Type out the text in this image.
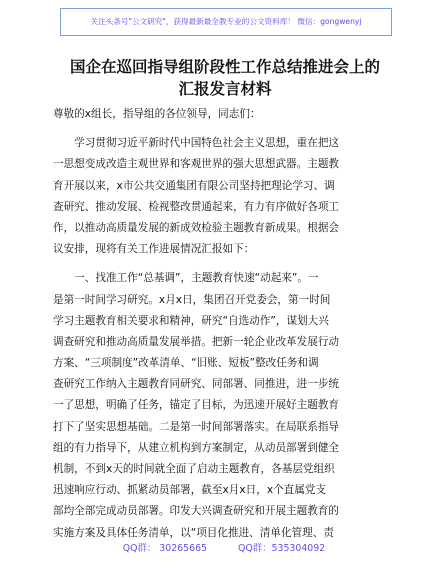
关注头条号"公文研究"，获得最新最全教专业的公文资料库！ 微信：gongwenyj
国企在巡回指导组阶段性工作总结推进会上的
汇报发言材料
尊敬的x组长，指导组的各位领导，同志们：
　　学习贯彻习近平新时代中国特色社会主义思想，重在把这
一思想变成改造主观世界和客观世界的强大思想武器。主题教
育开展以来，x市公共交通集团有限公司坚持把理论学习、调
查研究、推动发展、检视整改贯通起来，有力有序做好各项工
作，以推动高质量发展的新成效检验主题教育新成果。根据会
议安排，现将有关工作进展情况汇报如下：
　　一、找准工作“总基调”，主题教育快速“动起来”。一
是第一时间学习研究。x月x日，集团召开党委会，第一时间
学习主题教育相关要求和精神，研究“自选动作”，谋划大兴
调查研究和推动高质量发展举措。把新一轮企业改革发展行动
方案、“三项制度”改革清单、“旧账、短板”整改任务和调
查研究工作纳入主题教育同研究、同部署、同推进，进一步统
一了思想，明确了任务，锚定了目标，为迅速开展好主题教育
打下了坚实思想基础。二是第一时间部署落实。在局联系指导
组的有力指导下，从建立机构到方案制定，从动员部署到健全
机制，不到x天的时间就全面了启动主题教育，各基层党组织
迅速响应行动、抓紧动员部署，截至x月x日，x个直属党支
部均全部完成动员部署。印发大兴调查研究和开展主题教育的
实施方案及具体任务清单，以“项目化推进、清单化管理、责
QQ群： 30265665	QQ群：535304092
